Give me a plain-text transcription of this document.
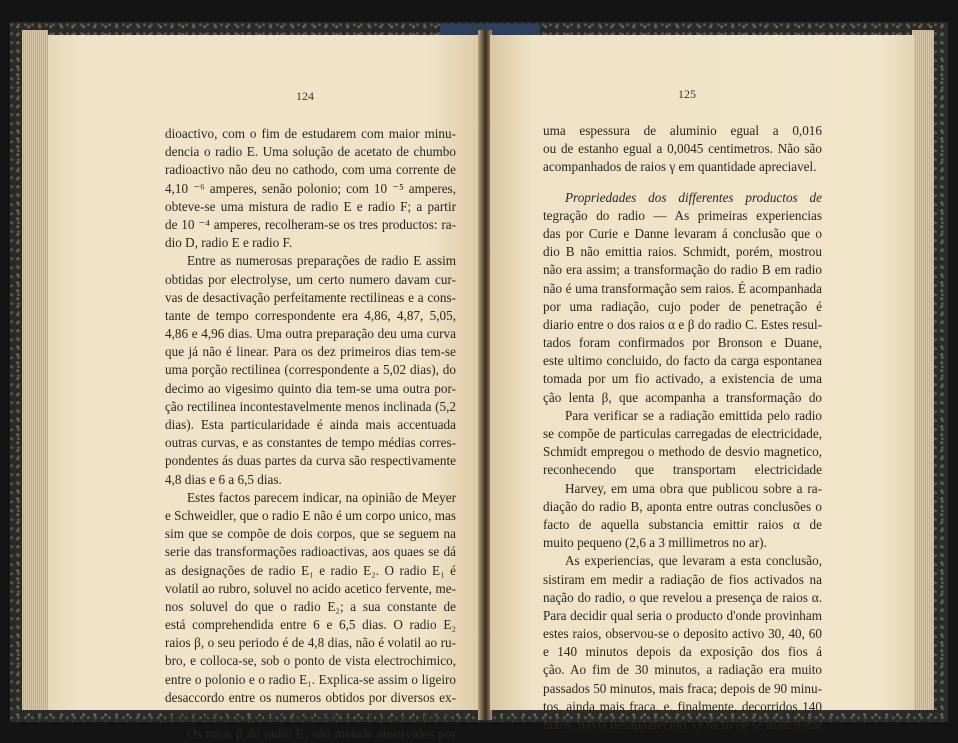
124
dioactivo, com o fim de estudarem com maior minu-
dencia o radio E. Uma solução de acetato de chumbo
radioactivo não deu no cathodo, com uma corrente de
4,10 ⁻⁶ amperes, senão polonio; com 10 ⁻⁵ amperes,
obteve-se uma mistura de radio E e radio F; a partir
de 10 ⁻⁴ amperes, recolheram-se os tres productos: ra-
dio D, radio E e radio F.
Entre as numerosas preparações de radio E assim
obtidas por electrolyse, um certo numero davam cur-
vas de desactivação perfeitamente rectilineas e a cons-
tante de tempo correspondente era 4,86, 4,87, 5,05,
4,86 e 4,96 dias. Uma outra preparação deu uma curva
que já não é linear. Para os dez primeiros dias tem-se
uma porção rectilinea (correspondente a 5,02 dias), do
decimo ao vigesimo quinto dia tem-se uma outra por-
ção rectilinea incontestavelmente menos inclinada (5,2
dias). Esta particularidade é ainda mais accentuada
outras curvas, e as constantes de tempo médias corres-
pondentes ás duas partes da curva são respectivamente
4,8 dias e 6 a 6,5 dias.
Estes factos parecem indicar, na opinião de Meyer
e Schweidler, que o radio E não é um corpo unico, mas
sim que se compõe de dois corpos, que se seguem na
serie das transformações radioactivas, aos quaes se dá
as designações de radio E₁ e radio E₂. O radio E₁ é
volatil ao rubro, soluvel no acido acetico fervente, me-
nos soluvel do que o radio E₂; a sua constante de
está comprehendida entre 6 e 6,5 dias. O radio E₂
raios β, o seu periodo é de 4,8 dias, não é volatil ao ru-
bro, e colloca-se, sob o ponto de vista electrochimico,
entre o polonio e o radio E₁. Explica-se assim o ligeiro
desaccordo entre os numeros obtidos por diversos ex-
perimentadores para a constante de tempo do radio E.
Os raios β do radio E₂ são metade absorvidos por
125
uma espessura de aluminio egual a 0,016
ou de estanho egual a 0,0045 centimetros. Não são
acompanhados de raios γ em quantidade apreciavel.
Propriedades dos differentes productos de
tegração do radio — As primeiras experiencias
das por Curie e Danne levaram á conclusão que o
dio B não emittia raios. Schmidt, porém, mostrou
não era assim; a transformação do radio B em radio
não é uma transformação sem raios. É acompanhada
por uma radiação, cujo poder de penetração é
diario entre o dos raios α e β do radio C. Estes resul-
tados foram confirmados por Bronson e Duane,
este ultimo concluido, do facto da carga espontanea
tomada por um fio activado, a existencia de uma
ção lenta β, que acompanha a transformação do
Para verificar se a radiação emittida pelo radio
se compõe de particulas carregadas de electricidade,
Schmidt empregou o methodo de desvio magnetico,
reconhecendo que transportam electricidade
Harvey, em uma obra que publicou sobre a ra-
diação do radio B, aponta entre outras conclusões o
facto de aquella substancia emittir raios α de
muito pequeno (2,6 a 3 millimetros no ar).
As experiencias, que levaram a esta conclusão,
sistiram em medir a radiação de fios activados na
nação do radio, o que revelou a presença de raios α.
Para decidir qual seria o producto d'onde provinham
estes raios, observou-se o deposito activo 30, 40, 60
e 140 minutos depois da exposição dos fios á
ção. Ao fim de 30 minutos, a radiação era muito
passados 50 minutos, mais fraca; depois de 90 minu-
tos, ainda mais fraca, e, finalmente, decorridos 140
nutos, havia desapparecido. O facto de se manifestar
